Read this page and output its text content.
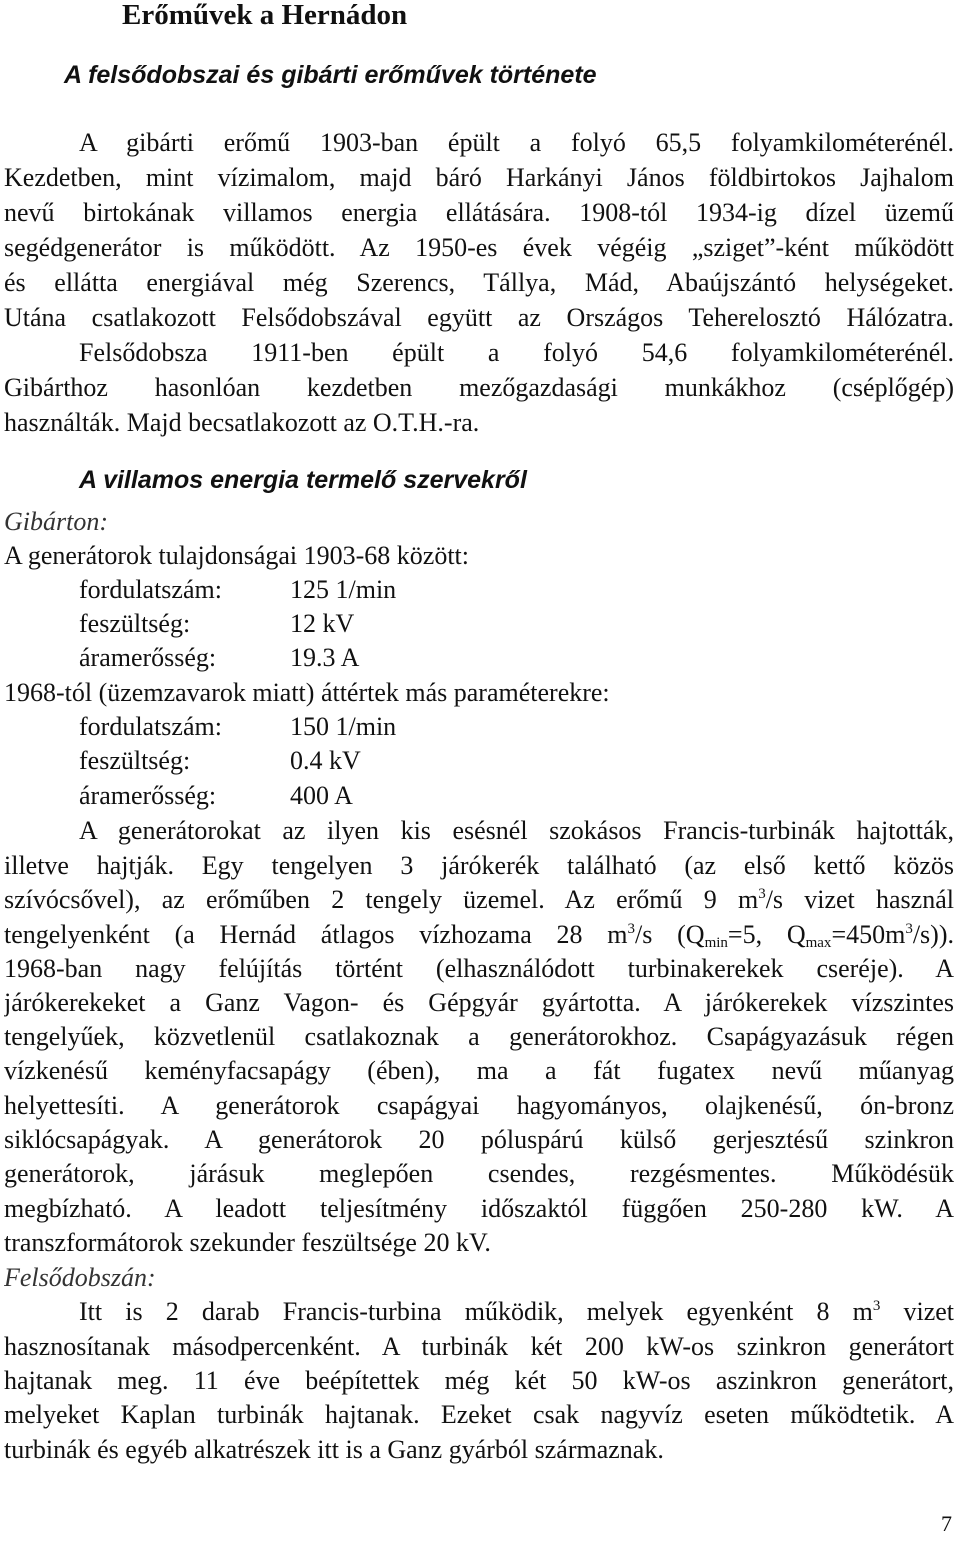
Erőművek a Hernádon
A felsődobszai és gibárti erőművek története
A gibárti erőmű 1903-ban épült a folyó 65,5 folyamkilométerénél.
Kezdetben, mint vízimalom, majd báró Harkányi János földbirtokos Jajhalom
nevű birtokának villamos energia ellátására. 1908-tól 1934-ig dízel üzemű
segédgenerátor is működött. Az 1950-es évek végéig „sziget”-ként működött
és ellátta energiával még Szerencs, Tállya, Mád, Abaújszántó helységeket.
Utána csatlakozott Felsődobszával együtt az Országos Teherelosztó Hálózatra.
Felsődobsza 1911-ben épült a folyó 54,6 folyamkilométerénél.
Gibárthoz hasonlóan kezdetben mezőgazdasági munkákhoz (cséplőgép)
használták. Majd becsatlakozott az O.T.H.-ra.
A villamos energia termelő szervekről
Gibárton:
A generátorok tulajdonságai 1903-68 között:
fordulatszám:	125 1/min
feszültség:	12 kV
áramerősség:	19.3 A
1968-tól (üzemzavarok miatt) áttértek más paraméterekre:
fordulatszám:	150 1/min
feszültség:	0.4 kV
áramerősség:	400 A
A generátorokat az ilyen kis esésnél szokásos Francis-turbinák hajtották,
illetve hajtják. Egy tengelyen 3 járókerék található (az első kettő közös
szívócsővel), az erőműben 2 tengely üzemel. Az erőmű 9 $m^3/s$ vizet használ
tengelyenként (a Hernád átlagos vízhozama 28 $m^3/s$ ($Q_{min}=5$, $Q_{max}=450m^3/s$)).
1968-ban nagy felújítás történt (elhasználódott turbinakerekek cseréje). A
járókerekeket a Ganz Vagon- és Gépgyár gyártotta. A járókerekek vízszintes
tengelyűek, közvetlenül csatlakoznak a generátorokhoz. Csapágyazásuk régen
vízkenésű keményfacsapágy (ében), ma a fát fugatex nevű műanyag
helyettesíti. A generátorok csapágyai hagyományos, olajkenésű, ón-bronz
siklócsapágyak. A generátorok 20 póluspárú külső gerjesztésű szinkron
generátorok, járásuk meglepően csendes, rezgésmentes. Működésük
megbízható. A leadott teljesítmény időszaktól függően 250-280 kW. A
transzformátorok szekunder feszültsége 20 kV.
Felsődobszán:
Itt is 2 darab Francis-turbina működik, melyek egyenként 8 $m^3$ vizet
hasznosítanak másodpercenként. A turbinák két 200 kW-os szinkron generátort
hajtanak meg. 11 éve beépítettek még két 50 kW-os aszinkron generátort,
melyeket Kaplan turbinák hajtanak. Ezeket csak nagyvíz eseten működtetik. A
turbinák és egyéb alkatrészek itt is a Ganz gyárból származnak.
7
